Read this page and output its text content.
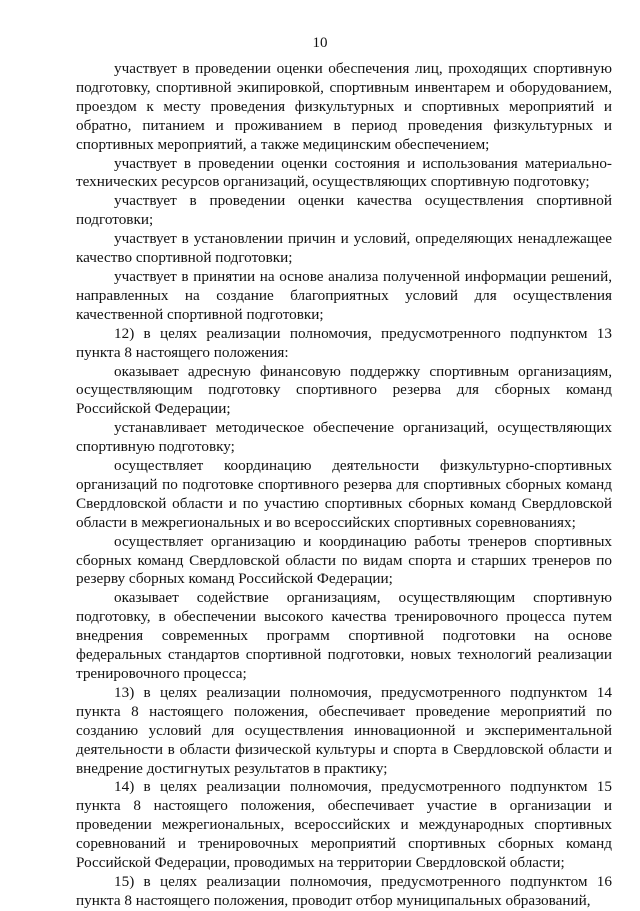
10

участвует в проведении оценки обеспечения лиц, проходящих спортивную подготовку, спортивной экипировкой, спортивным инвентарем и оборудованием, проездом к месту проведения физкультурных и спортивных мероприятий и обратно, питанием и проживанием в период проведения физкультурных и спортивных мероприятий, а также медицинским обеспечением;

участвует в проведении оценки состояния и использования материально-технических ресурсов организаций, осуществляющих спортивную подготовку;

участвует в проведении оценки качества осуществления спортивной подготовки;

участвует в установлении причин и условий, определяющих ненадлежащее качество спортивной подготовки;

участвует в принятии на основе анализа полученной информации решений, направленных на создание благоприятных условий для осуществления качественной спортивной подготовки;

12) в целях реализации полномочия, предусмотренного подпунктом 13 пункта 8 настоящего положения:

оказывает адресную финансовую поддержку спортивным организациям, осуществляющим подготовку спортивного резерва для сборных команд Российской Федерации;

устанавливает методическое обеспечение организаций, осуществляющих спортивную подготовку;

осуществляет координацию деятельности физкультурно-спортивных организаций по подготовке спортивного резерва для спортивных сборных команд Свердловской области и по участию спортивных сборных команд Свердловской области в межрегиональных и во всероссийских спортивных соревнованиях;

осуществляет организацию и координацию работы тренеров спортивных сборных команд Свердловской области по видам спорта и старших тренеров по резерву сборных команд Российской Федерации;

оказывает содействие организациям, осуществляющим спортивную подготовку, в обеспечении высокого качества тренировочного процесса путем внедрения современных программ спортивной подготовки на основе федеральных стандартов спортивной подготовки, новых технологий реализации тренировочного процесса;

13) в целях реализации полномочия, предусмотренного подпунктом 14 пункта 8 настоящего положения, обеспечивает проведение мероприятий по созданию условий для осуществления инновационной и экспериментальной деятельности в области физической культуры и спорта в Свердловской области и внедрение достигнутых результатов в практику;

14) в целях реализации полномочия, предусмотренного подпунктом 15 пункта 8 настоящего положения, обеспечивает участие в организации и проведении межрегиональных, всероссийских и международных спортивных соревнований и тренировочных мероприятий спортивных сборных команд Российской Федерации, проводимых на территории Свердловской области;

15) в целях реализации полномочия, предусмотренного подпунктом 16 пункта 8 настоящего положения, проводит отбор муниципальных образований,
